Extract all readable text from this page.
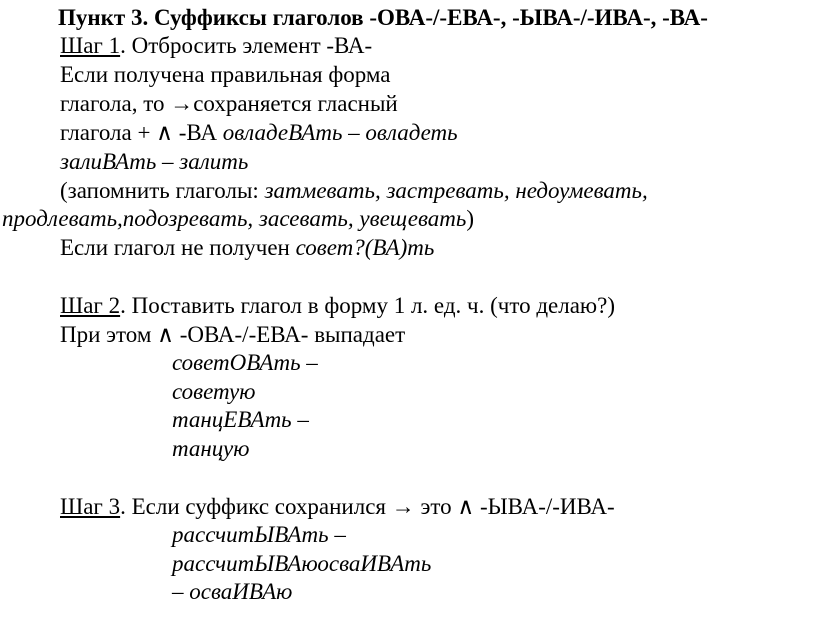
Пункт 3. Суффиксы глаголов -ОВА-/-ЕВА-, -ЫВА-/-ИВА-, -ВА-
Шаг 1. Отбросить элемент -ВА-
Если получена правильная форма
глагола, то →сохраняется гласный
глагола + ∧ -ВА овладеВАть – овладеть
залиВАть – залить
(запомнить глаголы: затмевать, застревать, недоумевать,
продлевать,подозревать, засевать, увещевать)
Если глагол не получен совет?(ВА)ть
Шаг 2. Поставить глагол в форму 1 л. ед. ч. (что делаю?)
При этом ∧ -ОВА-/-ЕВА- выпадает
советОВАть –
советую
танцЕВАть –
танцую
Шаг 3. Если суффикс сохранился → это ∧ -ЫВА-/-ИВА-
рассчитЫВАть –
рассчитЫВАюосваИВАть
– осваИВАю
